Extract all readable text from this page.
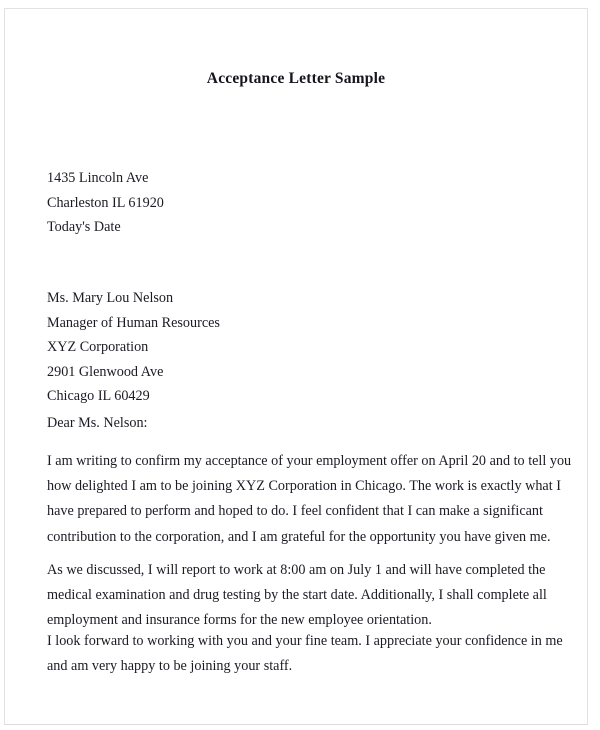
Acceptance Letter Sample
1435 Lincoln Ave
Charleston IL 61920
Today's Date
Ms. Mary Lou Nelson
Manager of Human Resources
XYZ Corporation
2901 Glenwood Ave
Chicago IL 60429
Dear Ms. Nelson:
I am writing to confirm my acceptance of your employment offer on April 20 and to tell you how delighted I am to be joining XYZ Corporation in Chicago. The work is exactly what I have prepared to perform and hoped to do. I feel confident that I can make a significant contribution to the corporation, and I am grateful for the opportunity you have given me.
As we discussed, I will report to work at 8:00 am on July 1 and will have completed the medical examination and drug testing by the start date. Additionally, I shall complete all employment and insurance forms for the new employee orientation.
I look forward to working with you and your fine team. I appreciate your confidence in me and am very happy to be joining your staff.
